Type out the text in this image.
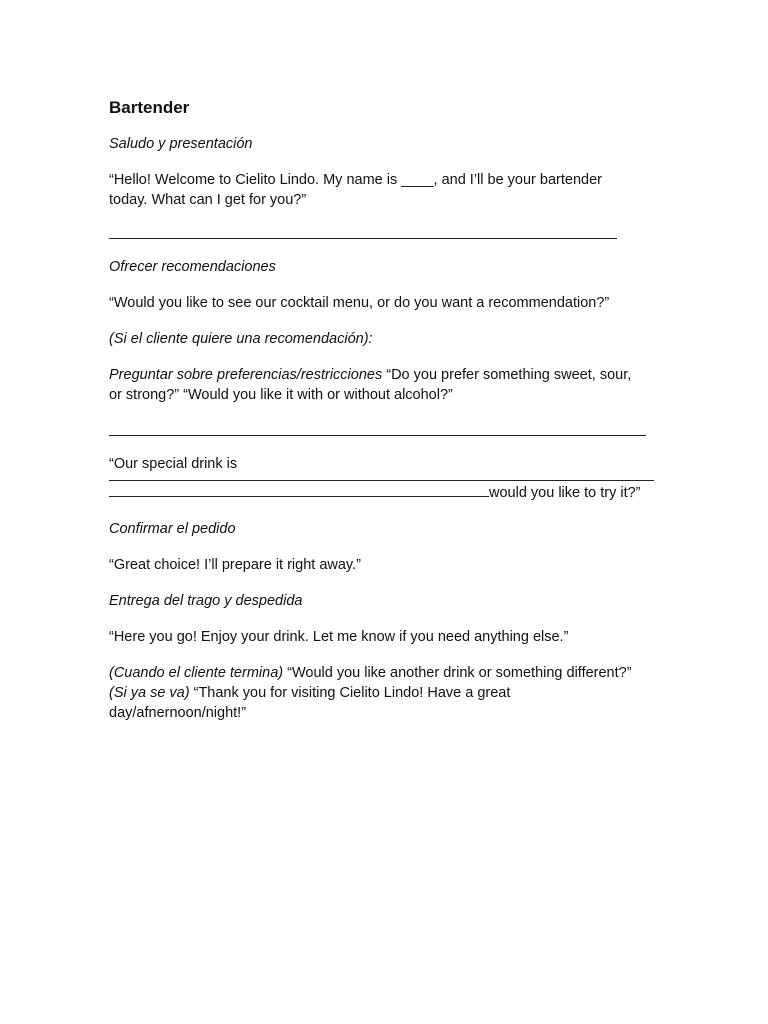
Bartender
Saludo y presentación
“Hello! Welcome to Cielito Lindo. My name is ____, and I’ll be your bartender
today. What can I get for you?”
Ofrecer recomendaciones
“Would you like to see our cocktail menu, or do you want a recommendation?”
(Si el cliente quiere una recomendación):
Preguntar sobre preferencias/restricciones “Do you prefer something sweet, sour,
or strong?” “Would you like it with or without alcohol?”
“Our special drink is
would you like to try it?”
Confirmar el pedido
“Great choice! I’ll prepare it right away.”
Entrega del trago y despedida
“Here you go! Enjoy your drink. Let me know if you need anything else.”
(Cuando el cliente termina) “Would you like another drink or something different?”
(Si ya se va) “Thank you for visiting Cielito Lindo! Have a great
day/afnernoon/night!”
